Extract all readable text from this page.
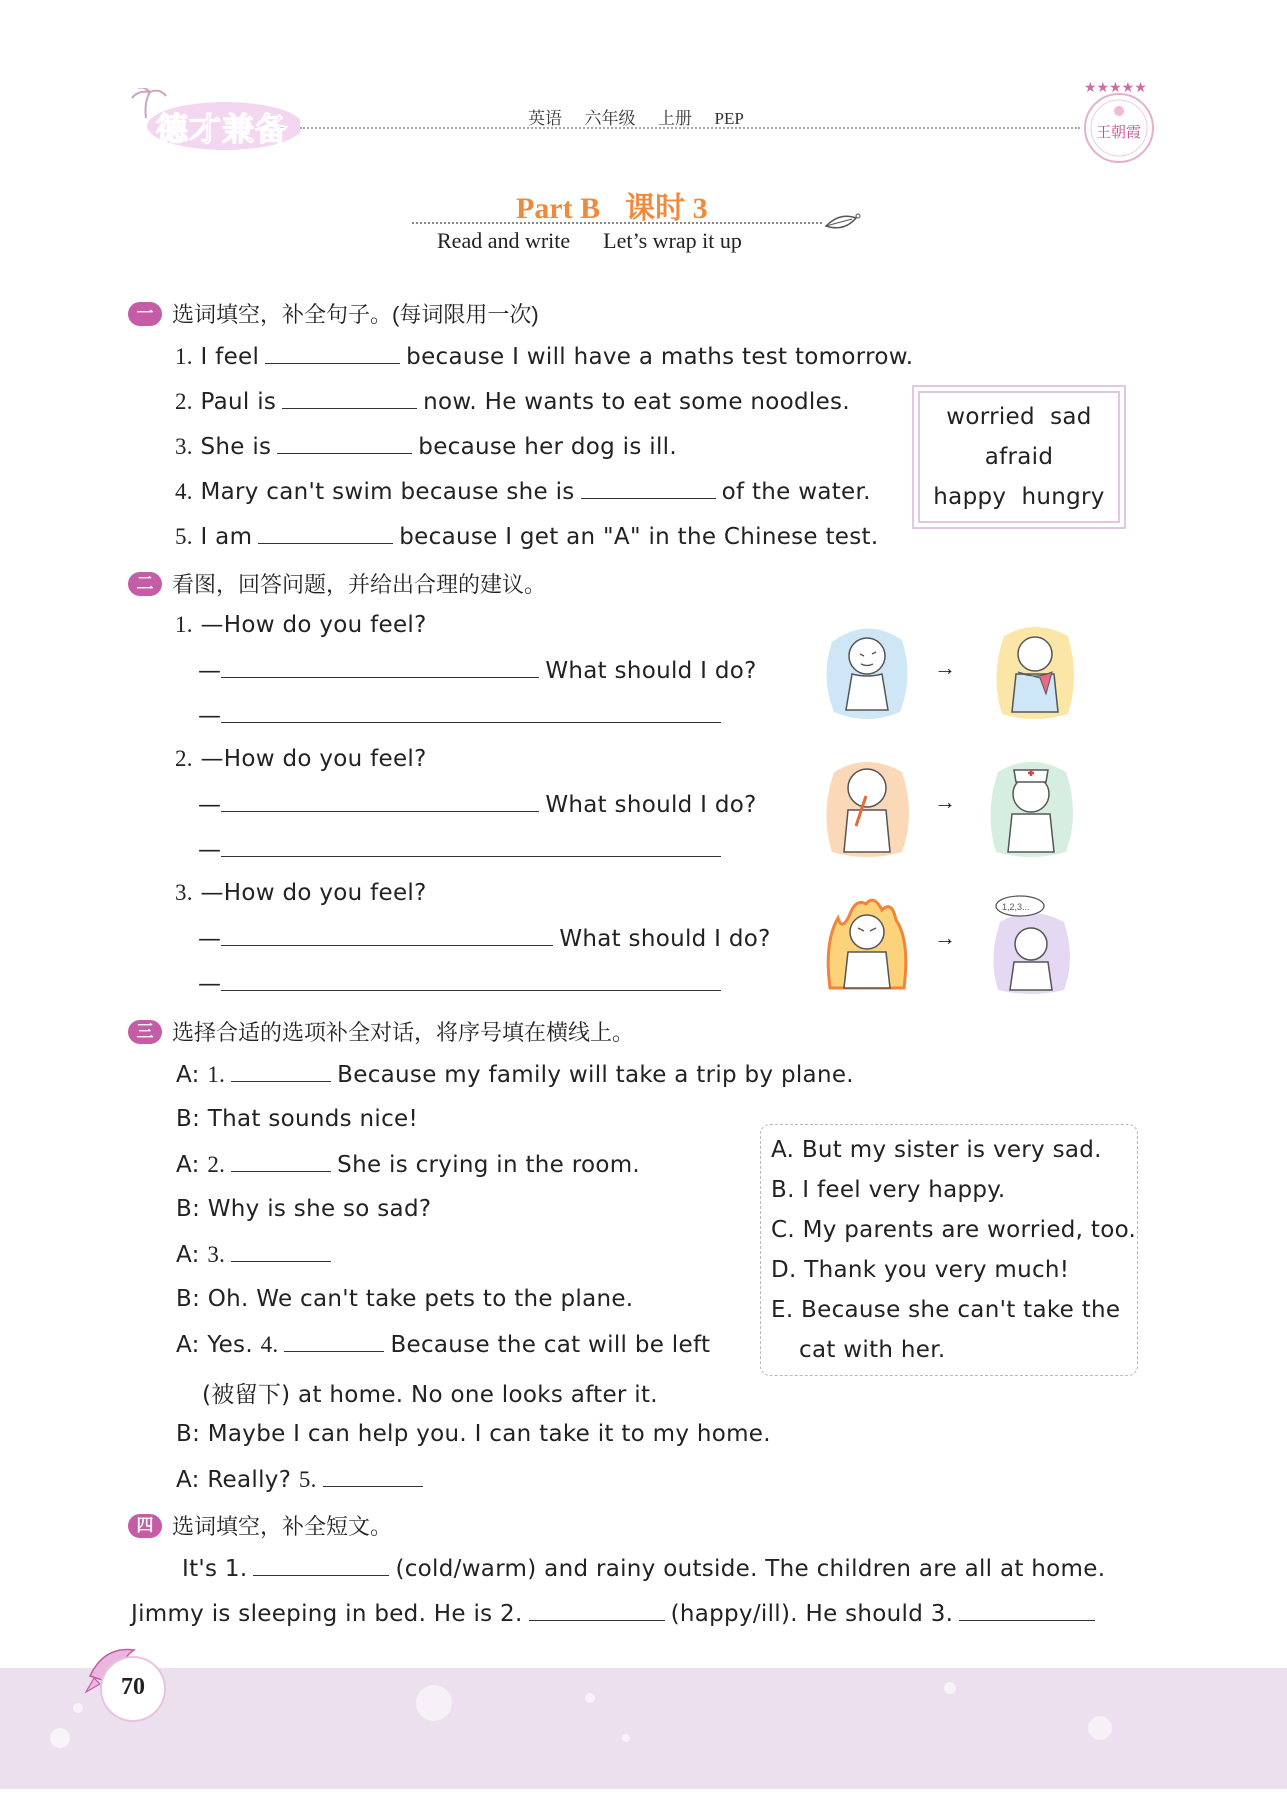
德才兼备	英语 六年级 上册 PEP
★★★★★
王朝霞
Part B 课时 3
Read and write Let’s wrap it up
一 选词填空，补全句子。(每词限用一次)
1. I feel	because I will have a maths test tomorrow.
2. Paul is	now. He wants to eat some noodles.
3. She is	because her dog is ill.
4. Mary can't swim because she is	of the water.
5. I am	because I get an "A" in the Chinese test.
worried  sad
afraid
happy  hungry
二 看图，回答问题，并给出合理的建议。
1. —How do you feel?
—	What should I do?
—
2. —How do you feel?
—	What should I do?
—
3. —How do you feel?
—	What should I do?
—
→
→
→
1,2,3...
三 选择合适的选项补全对话，将序号填在横线上。
A: 1.	Because my family will take a trip by plane.
B: That sounds nice!
A: 2.	She is crying in the room.
B: Why is she so sad?
A: 3.
B: Oh. We can't take pets to the plane.
A: Yes. 4.	Because the cat will be left
(被留下) at home. No one looks after it.
B: Maybe I can help you. I can take it to my home.
A: Really? 5.
A. But my sister is very sad.
B. I feel very happy.
C. My parents are worried, too.
D. Thank you very much!
E. Because she can't take the
cat with her.
四 选词填空，补全短文。
It's 1.	(cold/warm) and rainy outside. The children are all at home.
Jimmy is sleeping in bed. He is 2.	(happy/ill). He should 3.
70
